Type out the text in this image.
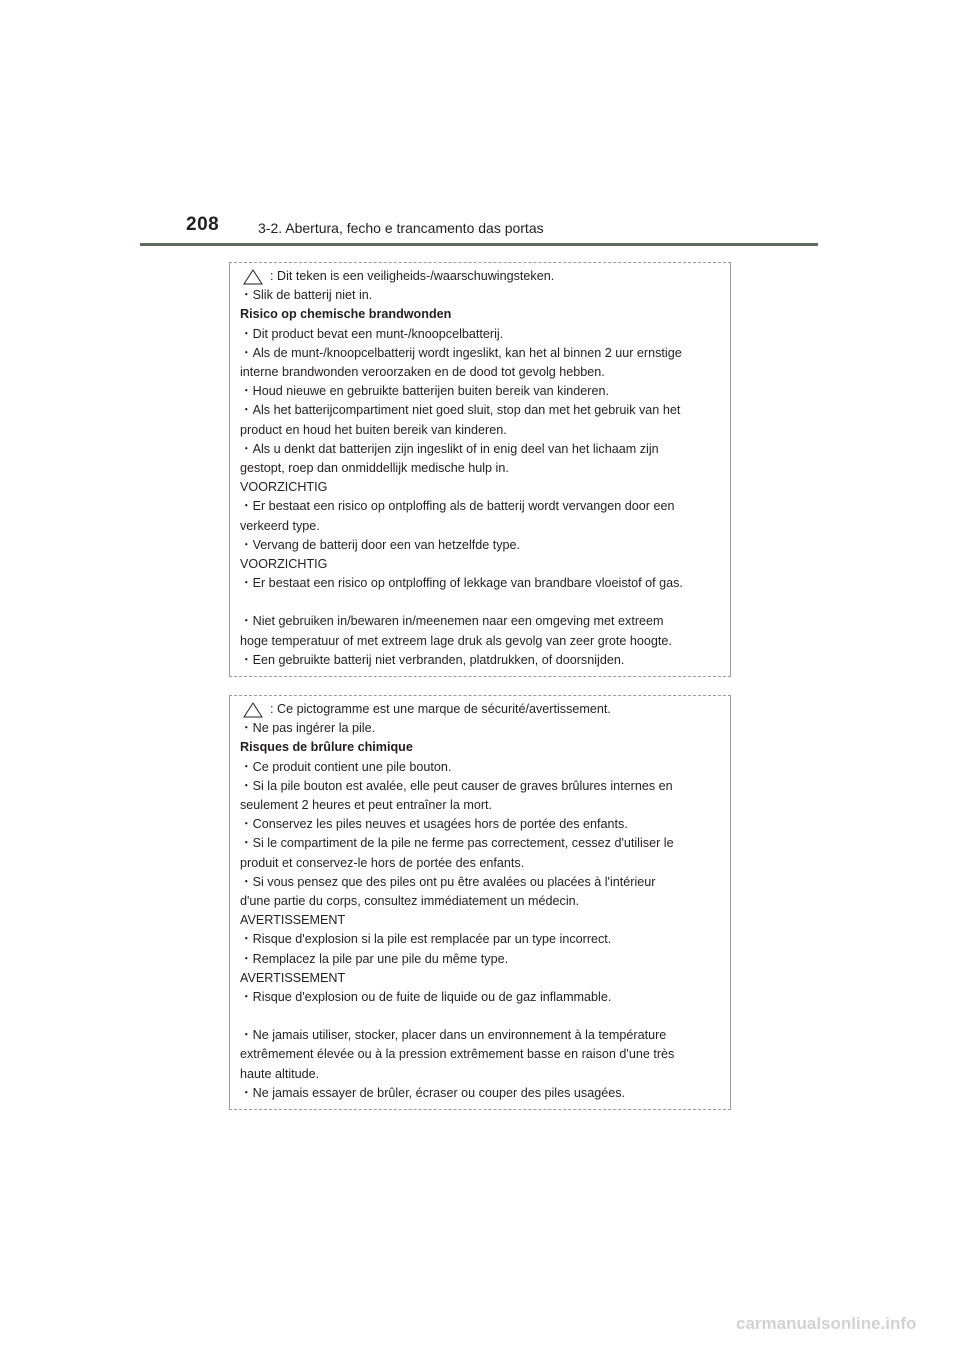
208	3-2. Abertura, fecho e trancamento das portas
: Dit teken is een veiligheids-/waarschuwingsteken.
・Slik de batterij niet in.
Risico op chemische brandwonden
・Dit product bevat een munt-/knoopcelbatterij.
・Als de munt-/knoopcelbatterij wordt ingeslikt, kan het al binnen 2 uur ernstige
interne brandwonden veroorzaken en de dood tot gevolg hebben.
・Houd nieuwe en gebruikte batterijen buiten bereik van kinderen.
・Als het batterijcompartiment niet goed sluit, stop dan met het gebruik van het
product en houd het buiten bereik van kinderen.
・Als u denkt dat batterijen zijn ingeslikt of in enig deel van het lichaam zijn
gestopt, roep dan onmiddellijk medische hulp in.
VOORZICHTIG
・Er bestaat een risico op ontploffing als de batterij wordt vervangen door een
verkeerd type.
・Vervang de batterij door een van hetzelfde type.
VOORZICHTIG
・Er bestaat een risico op ontploffing of lekkage van brandbare vloeistof of gas.
・Niet gebruiken in/bewaren in/meenemen naar een omgeving met extreem
hoge temperatuur of met extreem lage druk als gevolg van zeer grote hoogte.
・Een gebruikte batterij niet verbranden, platdrukken, of doorsnijden.
: Ce pictogramme est une marque de sécurité/avertissement.
・Ne pas ingérer la pile.
Risques de brûlure chimique
・Ce produit contient une pile bouton.
・Si la pile bouton est avalée, elle peut causer de graves brûlures internes en
seulement 2 heures et peut entraîner la mort.
・Conservez les piles neuves et usagées hors de portée des enfants.
・Si le compartiment de la pile ne ferme pas correctement, cessez d'utiliser le
produit et conservez-le hors de portée des enfants.
・Si vous pensez que des piles ont pu être avalées ou placées à l'intérieur
d'une partie du corps, consultez immédiatement un médecin.
AVERTISSEMENT
・Risque d'explosion si la pile est remplacée par un type incorrect.
・Remplacez la pile par une pile du même type.
AVERTISSEMENT
・Risque d'explosion ou de fuite de liquide ou de gaz inflammable.
・Ne jamais utiliser, stocker, placer dans un environnement à la température
extrêmement élevée ou à la pression extrêmement basse en raison d'une très
haute altitude.
・Ne jamais essayer de brûler, écraser ou couper des piles usagées.
carmanualsonline.info
